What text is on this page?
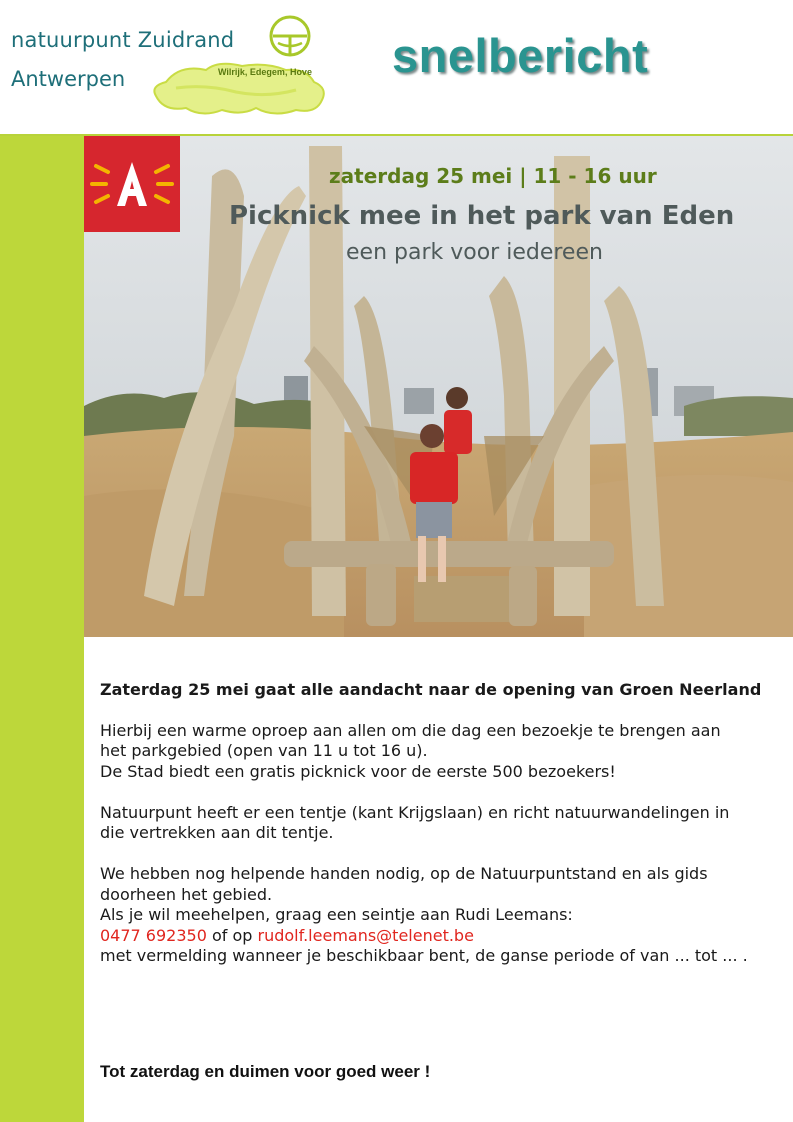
natuurpunt Zuidrand
Antwerpen	Wilrijk, Edegem, Hove snelbericht
zaterdag 25 mei | 11 - 16 uur
Picknick mee in het park van Eden
een park voor iedereen

Zaterdag 25 mei gaat alle aandacht naar de opening van Groen Neerland

Hierbij een warme oproep aan allen om die dag een bezoekje te brengen aan

het parkgebied (open van 11 u tot 16 u).

De Stad biedt een gratis picknick voor de eerste 500 bezoekers!

Natuurpunt heeft er een tentje (kant Krijgslaan) en richt natuurwandelingen in

die vertrekken aan dit tentje.

We hebben nog helpende handen nodig, op de Natuurpuntstand en als gids

doorheen het gebied.

Als je wil meehelpen, graag een seintje aan Rudi Leemans:

0477 692350 of op rudolf.leemans@telenet.be

met vermelding wanneer je beschikbaar bent, de ganse periode of van ... tot ... .

Tot zaterdag en duimen voor goed weer !
